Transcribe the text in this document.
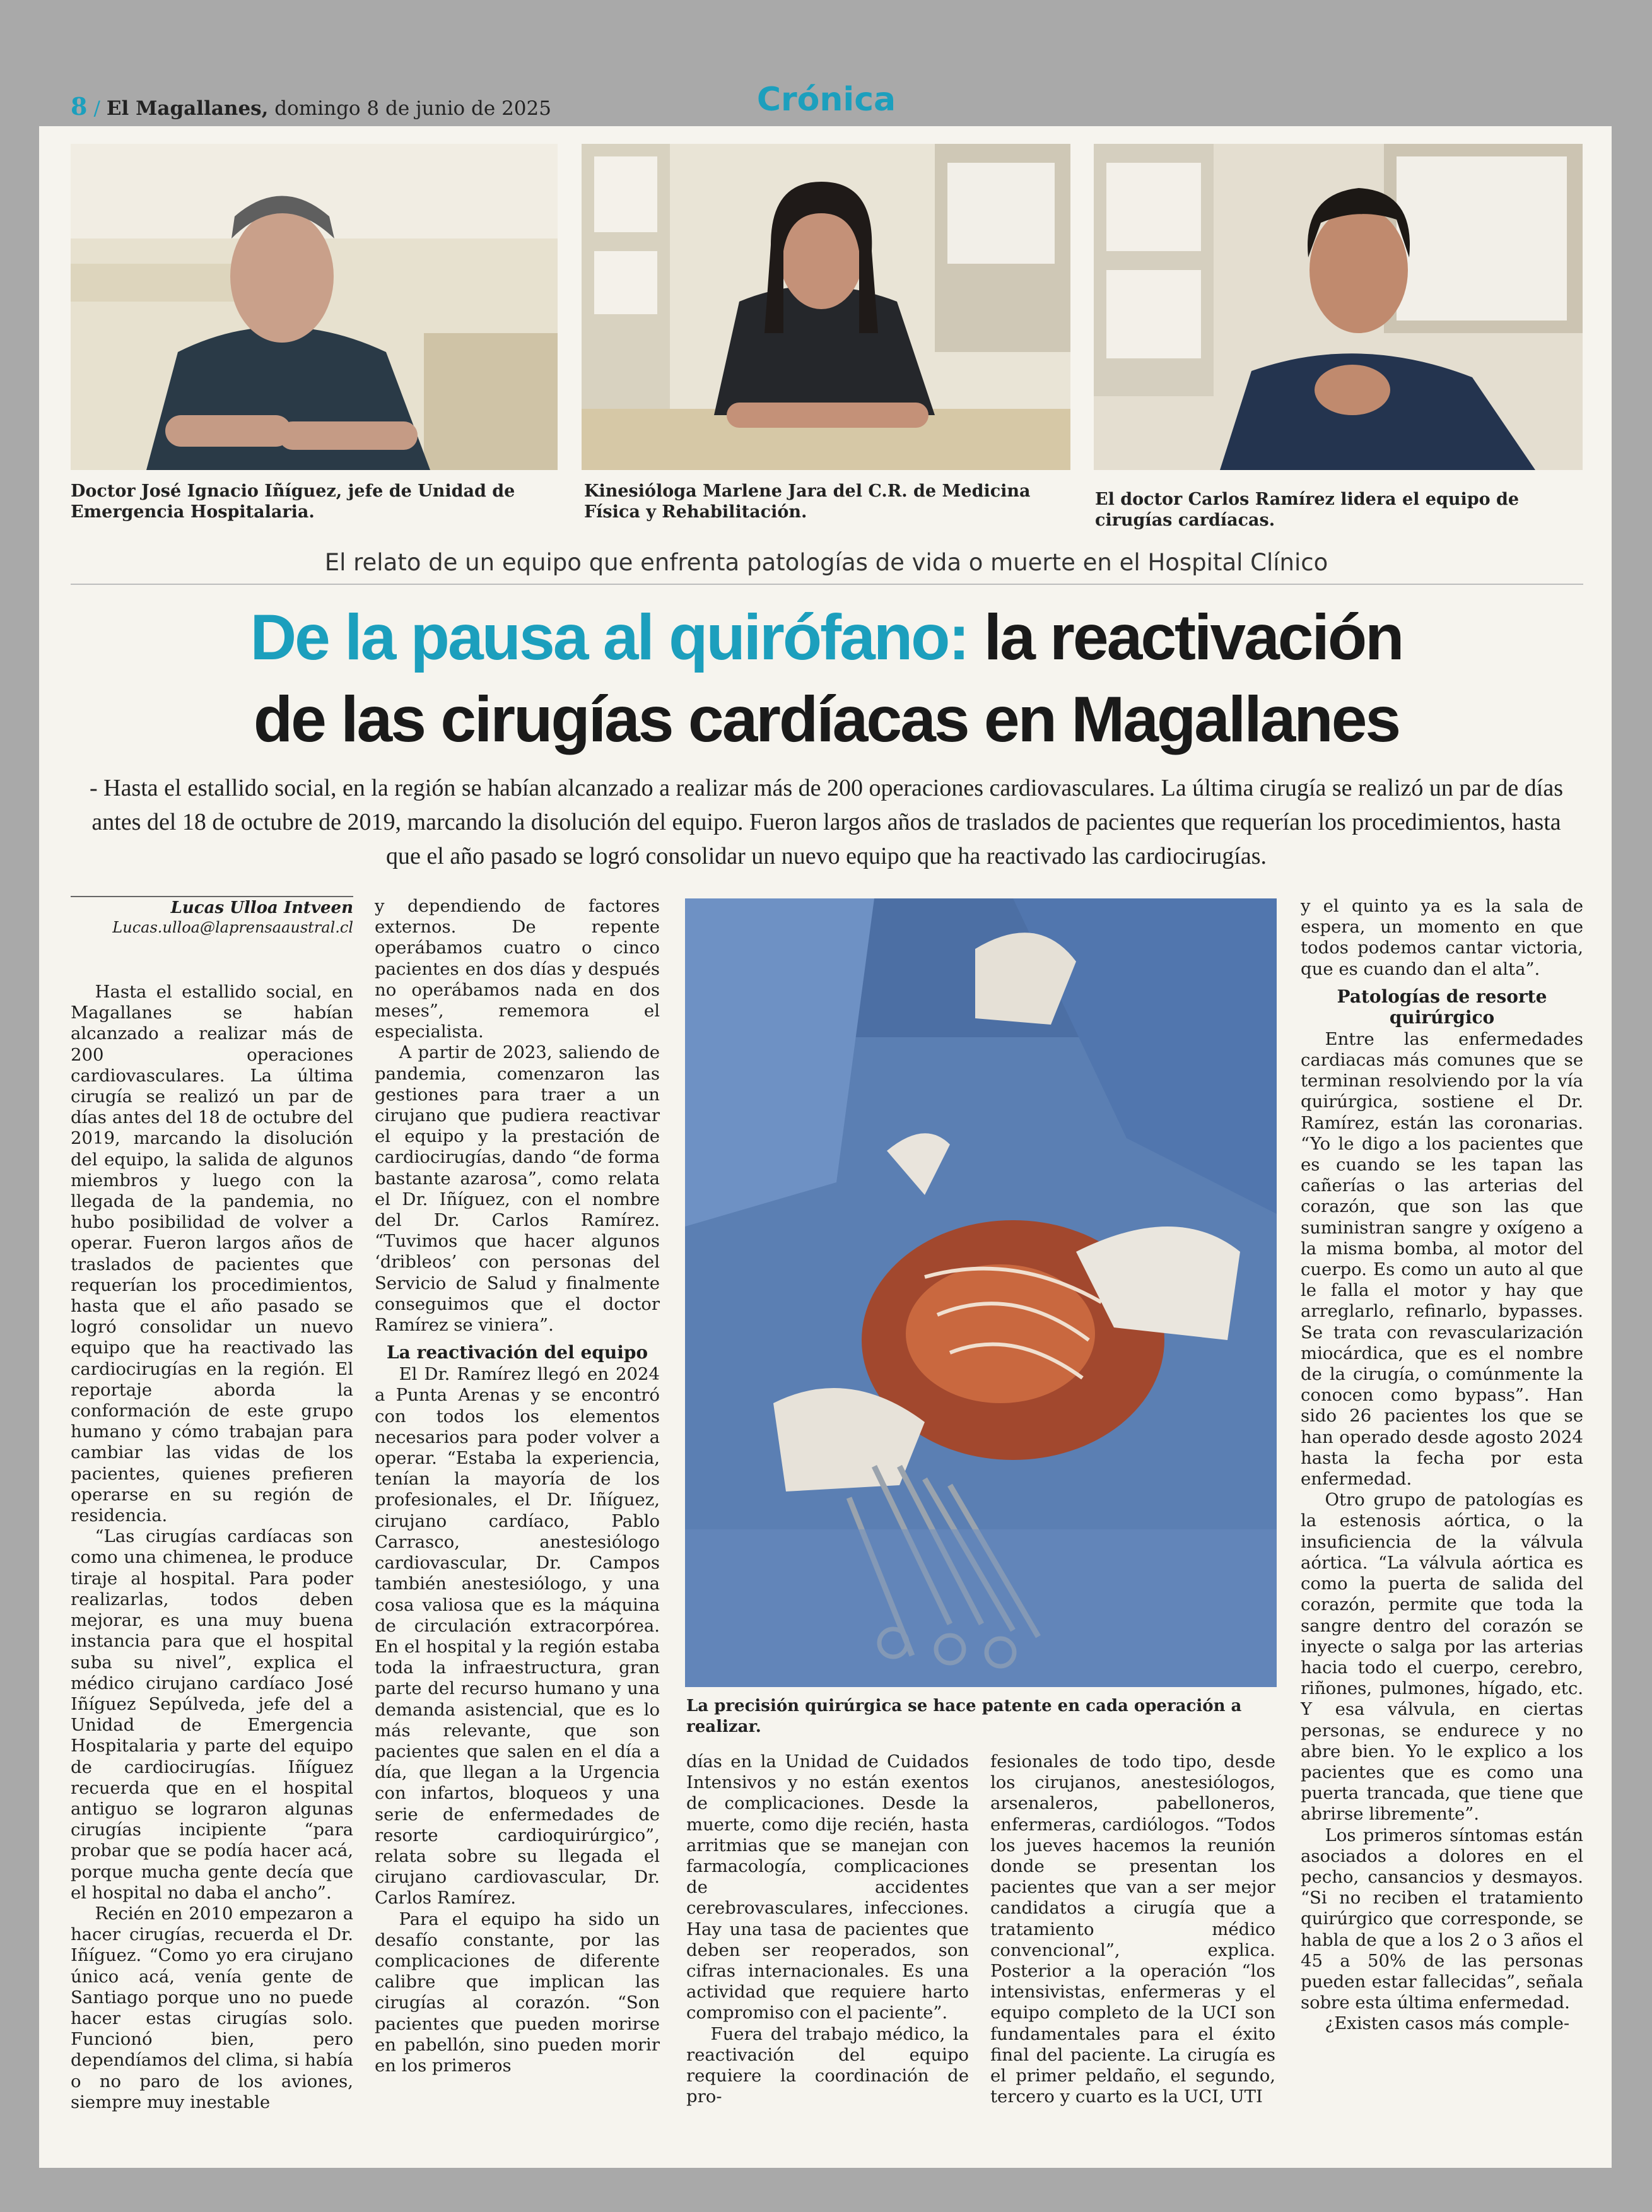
8 / El Magallanes, domingo 8 de junio de 2025	Crónica
Doctor José Ignacio Iñíguez, jefe de Unidad de Emergencia Hospitalaria.
Kinesióloga Marlene Jara del C.R. de Medicina Física y Rehabilitación.
El doctor Carlos Ramírez lidera el equipo de cirugías cardíacas.
El relato de un equipo que enfrenta patologías de vida o muerte en el Hospital Clínico
De la pausa al quirófano: la reactivación
de las cirugías cardíacas en Magallanes
- Hasta el estallido social, en la región se habían alcanzado a realizar más de 200 operaciones cardiovasculares. La última cirugía se realizó un par de días antes del 18 de octubre de 2019, marcando la disolución del equipo. Fueron largos años de traslados de pacientes que requerían los procedimientos, hasta que el año pasado se logró consolidar un nuevo equipo que ha reactivado las cardiocirugías.
Lucas Ulloa Intveen
Lucas.ulloa@laprensaaustral.cl

Hasta el estallido social, en Magallanes se habían alcanzado a realizar más de 200 operaciones cardiovasculares. La última cirugía se realizó un par de días antes del 18 de octubre del 2019, marcando la disolución del equipo, la salida de algunos miembros y luego con la llegada de la pandemia, no hubo posibilidad de volver a operar. Fueron largos años de traslados de pacientes que requerían los procedimientos, hasta que el año pasado se logró consolidar un nuevo equipo que ha reactivado las cardiocirugías en la región. El reportaje aborda la conformación de este grupo humano y cómo trabajan para cambiar las vidas de los pacientes, quienes prefieren operarse en su región de residencia.

“Las cirugías cardíacas son como una chimenea, le produce tiraje al hospital. Para poder realizarlas, todos deben mejorar, es una muy buena instancia para que el hospital suba su nivel”, explica el médico cirujano cardíaco José Iñíguez Sepúlveda, jefe del a Unidad de Emergencia Hospitalaria y parte del equipo de cardiocirugías. Iñíguez recuerda que en el hospital antiguo se lograron algunas cirugías incipiente “para probar que se podía hacer acá, porque mucha gente decía que el hospital no daba el ancho”.

Recién en 2010 empezaron a hacer cirugías, recuerda el Dr. Iñíguez. “Como yo era cirujano único acá, venía gente de Santiago porque uno no puede hacer estas cirugías solo. Funcionó bien, pero dependíamos del clima, si había o no paro de los aviones, siempre muy inestable

y dependiendo de factores externos. De repente operábamos cuatro o cinco pacientes en dos días y después no operábamos nada en dos meses”, rememora el especialista.

A partir de 2023, saliendo de pandemia, comenzaron las gestiones para traer a un cirujano que pudiera reactivar el equipo y la prestación de cardiocirugías, dando “de forma bastante azarosa”, como relata el Dr. Iñíguez, con el nombre del Dr. Carlos Ramírez. “Tuvimos que hacer algunos ‘dribleos’ con personas del Servicio de Salud y finalmente conseguimos que el doctor Ramírez se viniera”.

La reactivación del equipo

El Dr. Ramírez llegó en 2024 a Punta Arenas y se encontró con todos los elementos necesarios para poder volver a operar. “Estaba la experiencia, tenían la mayoría de los profesionales, el Dr. Iñíguez, cirujano cardíaco, Pablo Carrasco, anestesiólogo cardiovascular, Dr. Campos también anestesiólogo, y una cosa valiosa que es la máquina de circulación extracorpórea. En el hospital y la región estaba toda la infraestructura, gran parte del recurso humano y una demanda asistencial, que es lo más relevante, que son pacientes que salen en el día a día, que llegan a la Urgencia con infartos, bloqueos y una serie de enfermedades de resorte cardioquirúrgico”, relata sobre su llegada el cirujano cardiovascular, Dr. Carlos Ramírez.

Para el equipo ha sido un desafío constante, por las complicaciones de diferente calibre que implican las cirugías al corazón. “Son pacientes que pueden morirse en pabellón, sino pueden morir en los primeros

La precisión quirúrgica se hace patente en cada operación a realizar.

días en la Unidad de Cuidados Intensivos y no están exentos de complicaciones. Desde la muerte, como dije recién, hasta arritmias que se manejan con farmacología, complicaciones de accidentes cerebrovasculares, infecciones. Hay una tasa de pacientes que deben ser reoperados, son cifras internacionales. Es una actividad que requiere harto compromiso con el paciente”.

Fuera del trabajo médico, la reactivación del equipo requiere la coordinación de pro-

fesionales de todo tipo, desde los cirujanos, anestesiólogos, arsenaleros, pabelloneros, enfermeras, cardiólogos. “Todos los jueves hacemos la reunión donde se presentan los pacientes que van a ser mejor candidatos a cirugía que a tratamiento médico convencional”, explica. Posterior a la operación “los intensivistas, enfermeras y el equipo completo de la UCI son fundamentales para el éxito final del paciente. La cirugía es el primer peldaño, el segundo, tercero y cuarto es la UCI, UTI

y el quinto ya es la sala de espera, un momento en que todos podemos cantar victoria, que es cuando dan el alta”.

Patologías de resorte quirúrgico

Entre las enfermedades cardiacas más comunes que se terminan resolviendo por la vía quirúrgica, sostiene el Dr. Ramírez, están las coronarias. “Yo le digo a los pacientes que es cuando se les tapan las cañerías o las arterias del corazón, que son las que suministran sangre y oxígeno a la misma bomba, al motor del cuerpo. Es como un auto al que le falla el motor y hay que arreglarlo, refinarlo, bypasses. Se trata con revascularización miocárdica, que es el nombre de la cirugía, o comúnmente la conocen como bypass”. Han sido 26 pacientes los que se han operado desde agosto 2024 hasta la fecha por esta enfermedad.

Otro grupo de patologías es la estenosis aórtica, o la insuficiencia de la válvula aórtica. “La válvula aórtica es como la puerta de salida del corazón, permite que toda la sangre dentro del corazón se inyecte o salga por las arterias hacia todo el cuerpo, cerebro, riñones, pulmones, hígado, etc. Y esa válvula, en ciertas personas, se endurece y no abre bien. Yo le explico a los pacientes que es como una puerta trancada, que tiene que abrirse libremente”.

Los primeros síntomas están asociados a dolores en el pecho, cansancios y desmayos. “Si no reciben el tratamiento quirúrgico que corresponde, se habla de que a los 2 o 3 años el 45 a 50% de las personas pueden estar fallecidas”, señala sobre esta última enfermedad.

¿Existen casos más comple-
